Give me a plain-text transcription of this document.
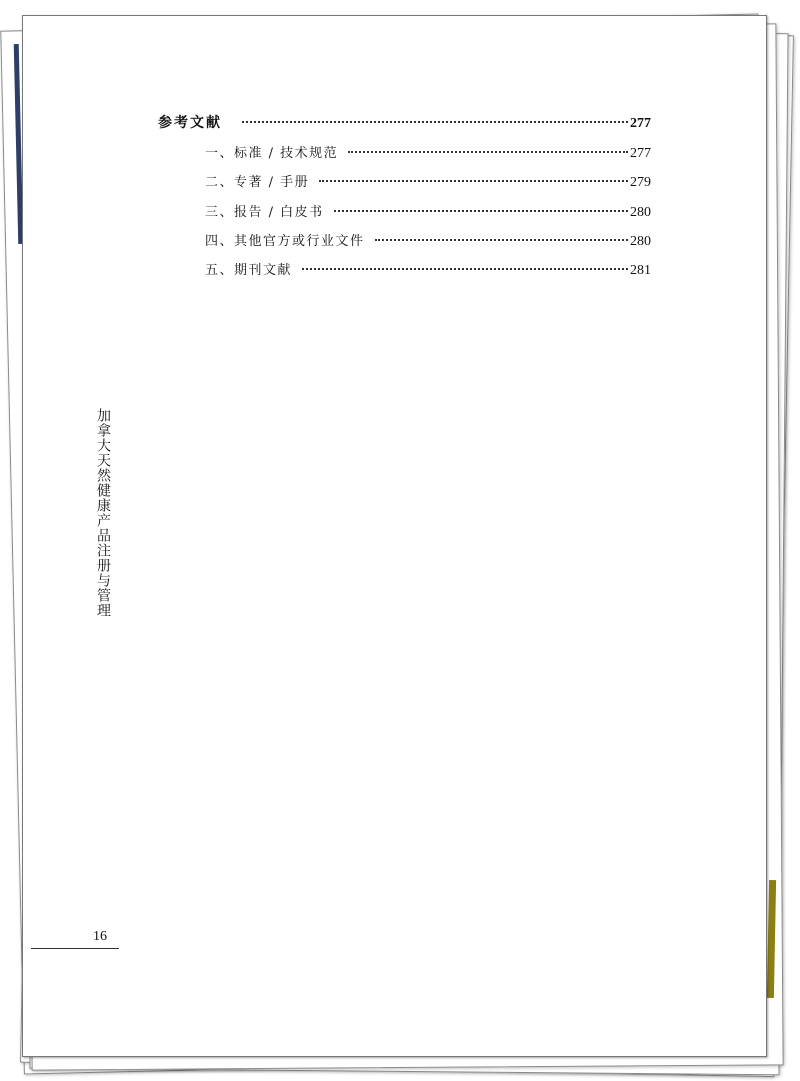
参考文献	277
一、标准 / 技术规范	277
二、专著 / 手册	279
三、报告 / 白皮书	280
四、其他官方或行业文件	280
五、期刊文献	281
加拿大天然健康产品注册与管理
16
